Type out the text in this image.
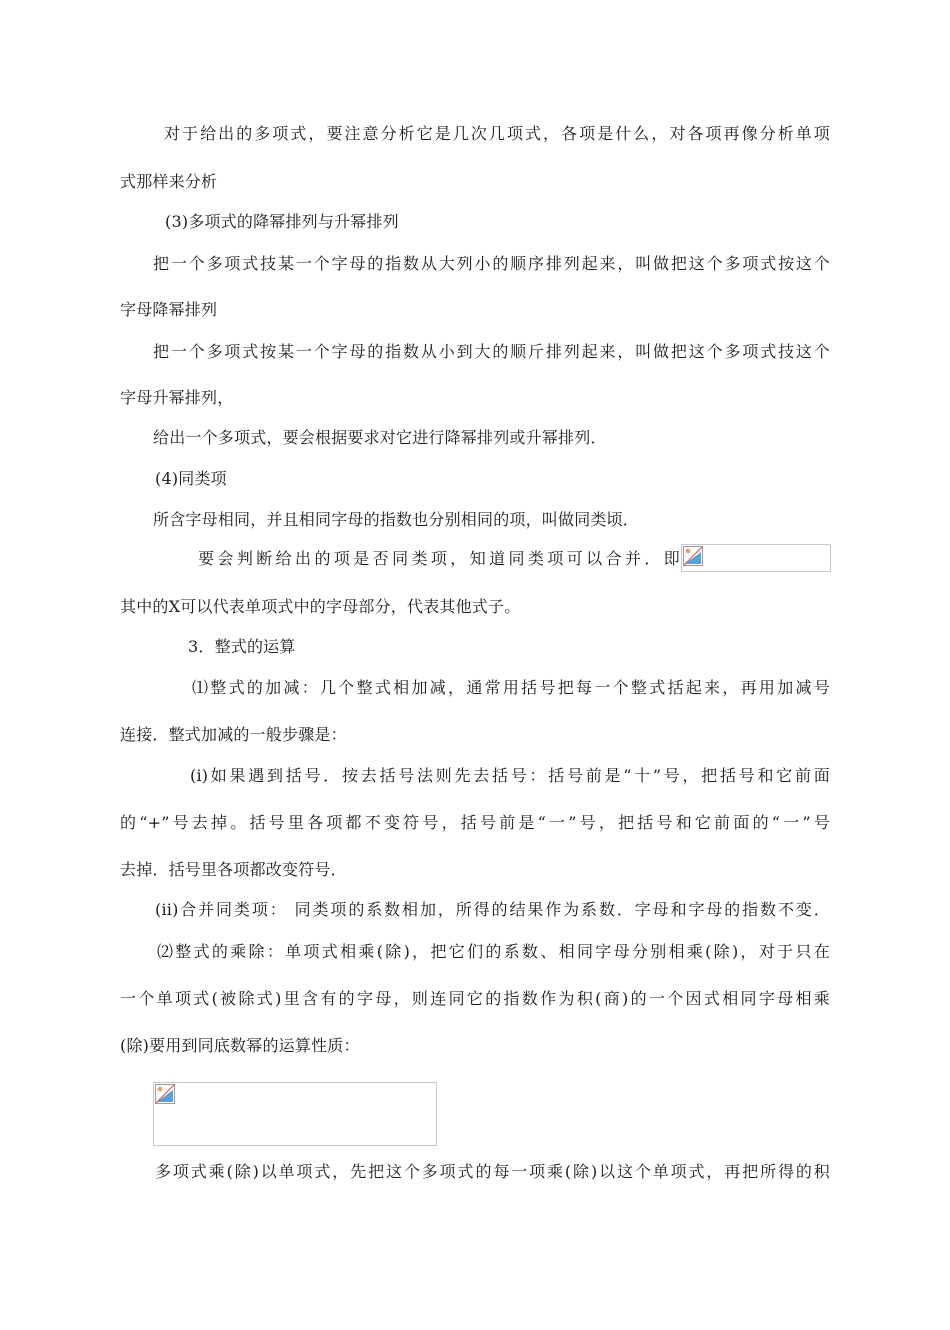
对于给出的多项式，要注意分析它是几次几项式，各项是什么，对各项再像分析单项
式那样来分析
(3)多项式的降幂排列与升幂排列
把一个多项式技某一个字母的指数从大列小的顺序排列起来，叫做把这个多项式按这个
字母降幂排列
把一个多项式按某一个字母的指数从小到大的顺斤排列起来，叫做把这个多项式技这个
字母升幂排列，
给出一个多项式，要会根据要求对它进行降幂排列或升幂排列．
(4)同类项
所含字母相同，并且相同字母的指数也分别相同的项，叫做同类顷．
要会判断给出的项是否同类项，知道同类项可以合并．即
其中的X可以代表单项式中的字母部分，代表其他式子。
3．整式的运算
⑴整式的加减：几个整式相加减，通常用括号把每一个整式括起来，再用加减号
连接．整式加减的一般步骤是：
(i)如果遇到括号．按去括号法则先去括号：括号前是“十”号，把括号和它前面
的“+”号去掉。括号里各项都不变符号，括号前是“一”号，把括号和它前面的“一”号
去掉．括号里各项都改变符号．
(ii)合并同类项： 同类项的系数相加，所得的结果作为系数．字母和字母的指数不变．
⑵整式的乘除：单项式相乘(除)，把它们的系数、相同字母分别相乘(除)，对于只在
一个单项式(被除式)里含有的字母，则连同它的指数作为积(商)的一个因式相同字母相乘
(除)要用到同底数幂的运算性质：
多项式乘(除)以单项式，先把这个多项式的每一项乘(除)以这个单项式，再把所得的积
